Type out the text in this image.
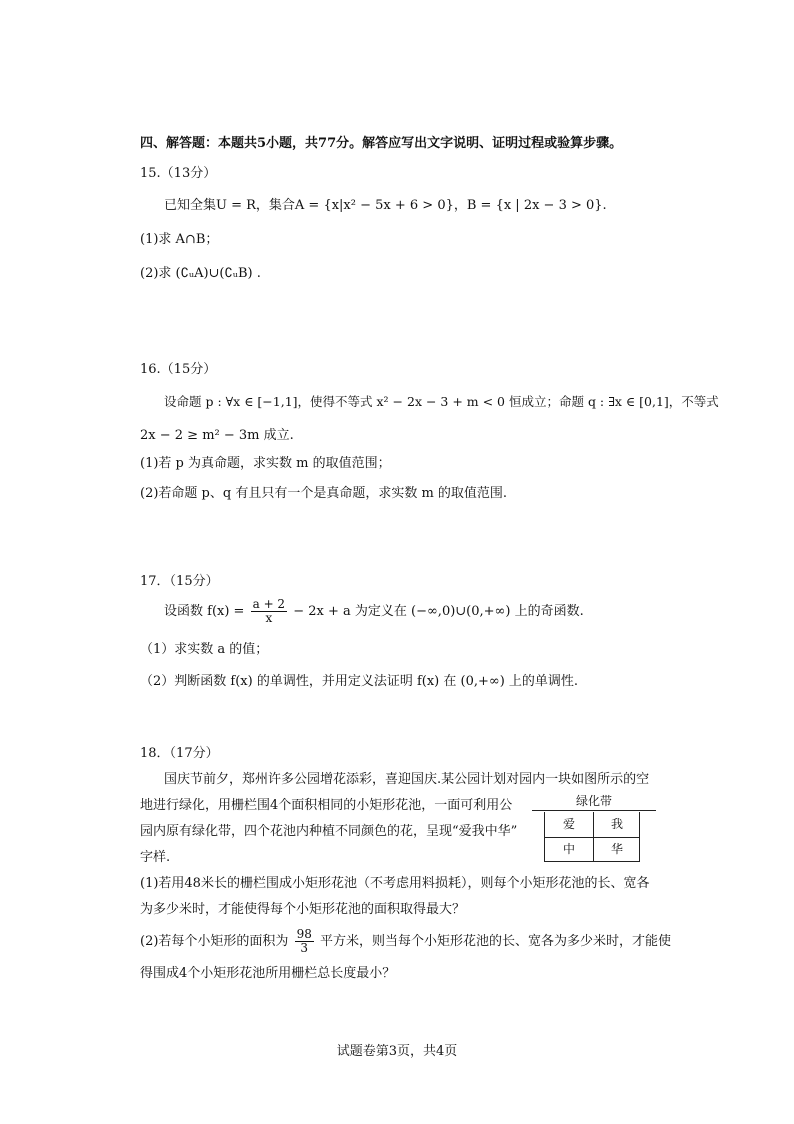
四、解答题：本题共5小题，共77分。解答应写出文字说明、证明过程或验算步骤。
15.（13分）
已知全集U = R，集合A = {x|x² − 5x + 6 > 0}，B = {x | 2x − 3 > 0}.
(1)求 A∩B；
(2)求 (∁ᵤA)∪(∁ᵤB) .
16.（15分）
设命题 p : ∀x ∈ [−1,1]，使得不等式 x² − 2x − 3 + m < 0 恒成立；命题 q : ∃x ∈ [0,1]，不等式
2x − 2 ≥ m² − 3m 成立.
(1)若 p 为真命题，求实数 m 的取值范围；
(2)若命题 p、q 有且只有一个是真命题，求实数 m 的取值范围.
17．（15分）
设函数 $f(x) = \frac{a + 2}{x} - 2x + a$ 为定义在 (−∞,0)∪(0,+∞) 上的奇函数.
（1）求实数 a 的值；
（2）判断函数 f(x) 的单调性，并用定义法证明 f(x) 在 (0,+∞) 上的单调性.
18．（17分）
国庆节前夕，郑州许多公园增花添彩，喜迎国庆.某公园计划对园内一块如图所示的空
地进行绿化，用栅栏围4个面积相同的小矩形花池，一面可利用公
园内原有绿化带，四个花池内种植不同颜色的花，呈现“爱我中华”
字样.
绿化带
爱	我
中	华
(1)若用48米长的栅栏围成小矩形花池（不考虑用料损耗），则每个小矩形花池的长、宽各
为多少米时，才能使得每个小矩形花池的面积取得最大？
(2)若每个小矩形的面积为 $\frac{98}{3}$ 平方米，则当每个小矩形花池的长、宽各为多少米时，才能使
得围成4个小矩形花池所用栅栏总长度最小？
试题卷第3页，共4页
